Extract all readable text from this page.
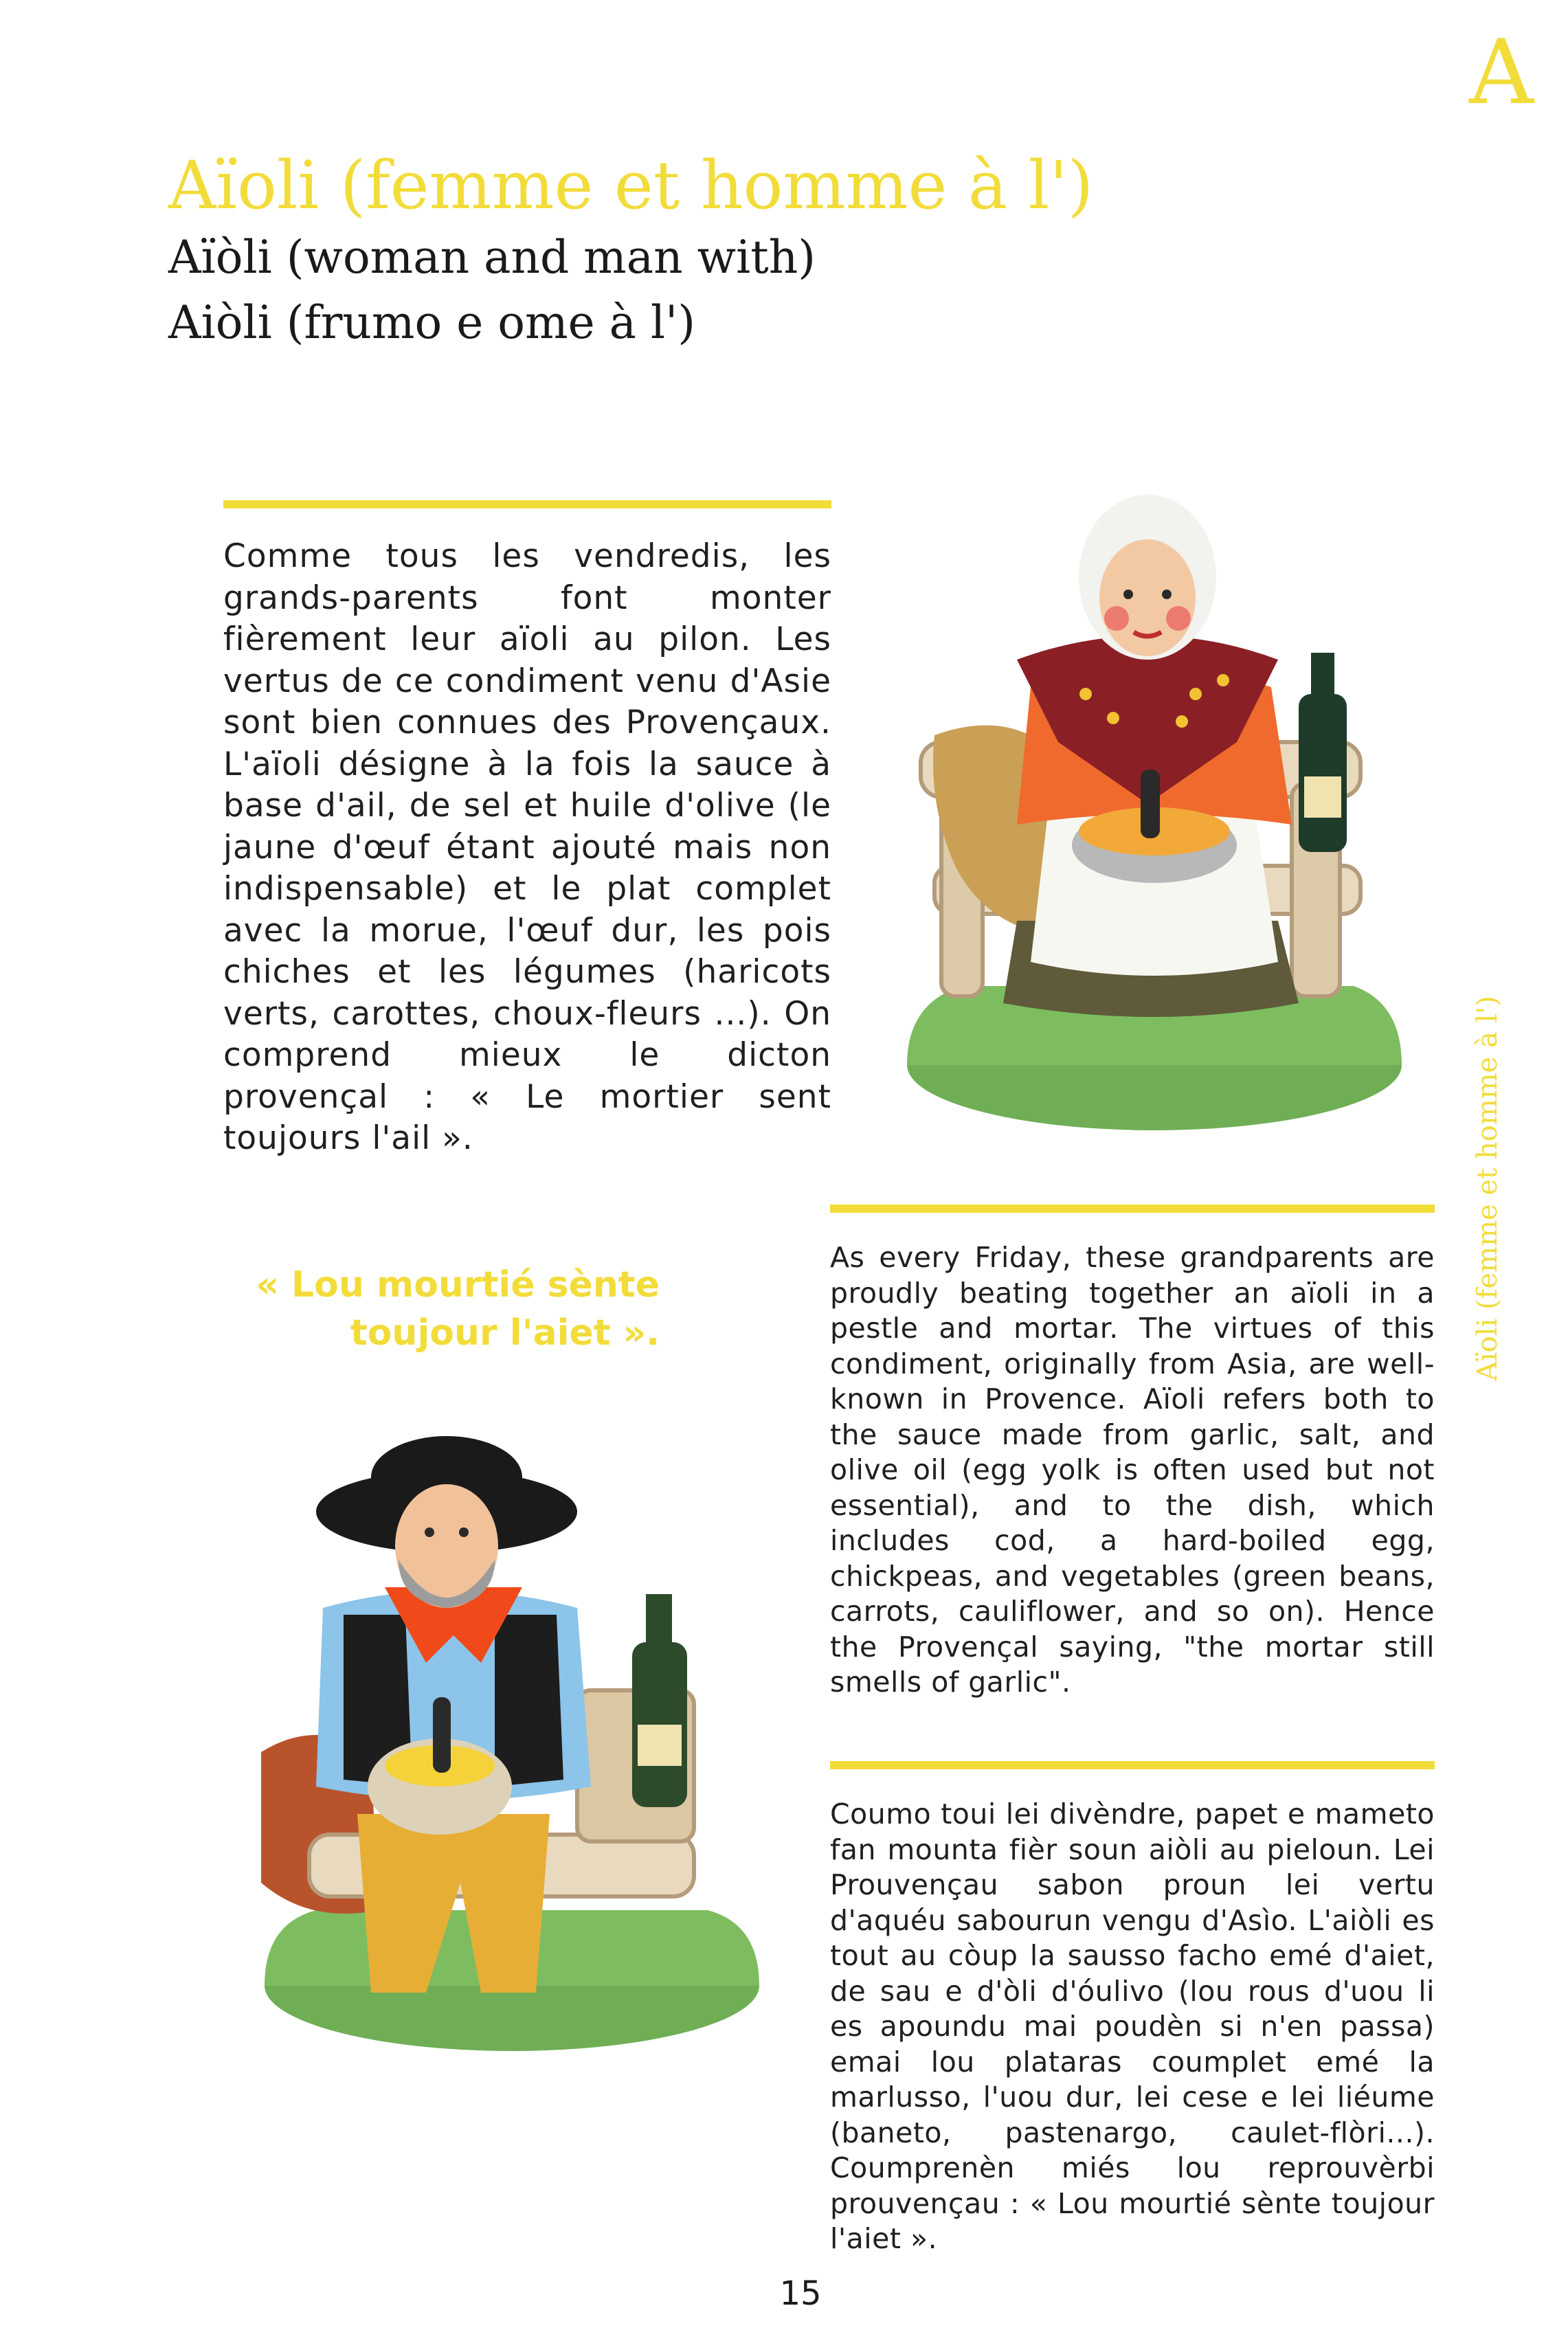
A
Aïoli (femme et homme à l')
Aïòli (woman and man with)
Aiòli (frumo e ome à l')
Comme tous les vendredis, les grands-parents font monter fièrement leur aïoli au pilon. Les vertus de ce condiment venu d'Asie sont bien connues des Provençaux. L'aïoli désigne à la fois la sauce à base d'ail, de sel et huile d'olive (le jaune d'œuf étant ajouté mais non indispensable) et le plat complet avec la morue, l'œuf dur, les pois chiches et les légumes (haricots verts, carottes, choux-fleurs ...). On comprend mieux le dicton provençal : « Le mortier sent toujours l'ail ».
As every Friday, these grandparents are proudly beating together an aïoli in a pestle and mortar. The virtues of this condiment, originally from Asia, are well-known in Provence. Aïoli refers both to the sauce made from garlic, salt, and olive oil (egg yolk is often used but not essential), and to the dish, which includes cod, a hard-boiled egg, chickpeas, and vegetables (green beans, carrots, cauliflower, and so on). Hence the Provençal saying, "the mortar still smells of garlic".
« Lou mourtié sènte toujour l'aiet ».
Coumo toui lei divèndre, papet e mameto fan mounta fièr soun aiòli au pieloun. Lei Prouvençau sabon proun lei vertu d'aquéu sabourun vengu d'Asìo. L'aiòli es tout au còup la sausso facho emé d'aiet, de sau e d'òli d'óulivo (lou rous d'uou li es apoundu mai poudèn si n'en passa) emai lou plataras coumplet emé la marlusso, l'uou dur, lei cese e lei liéume (baneto, pastenargo, caulet-flòri...). Coumprenèn miés lou reprouvèrbi prouvençau : « Lou mourtié sènte toujour l'aiet ».
Aïoli (femme et homme à l')
15
